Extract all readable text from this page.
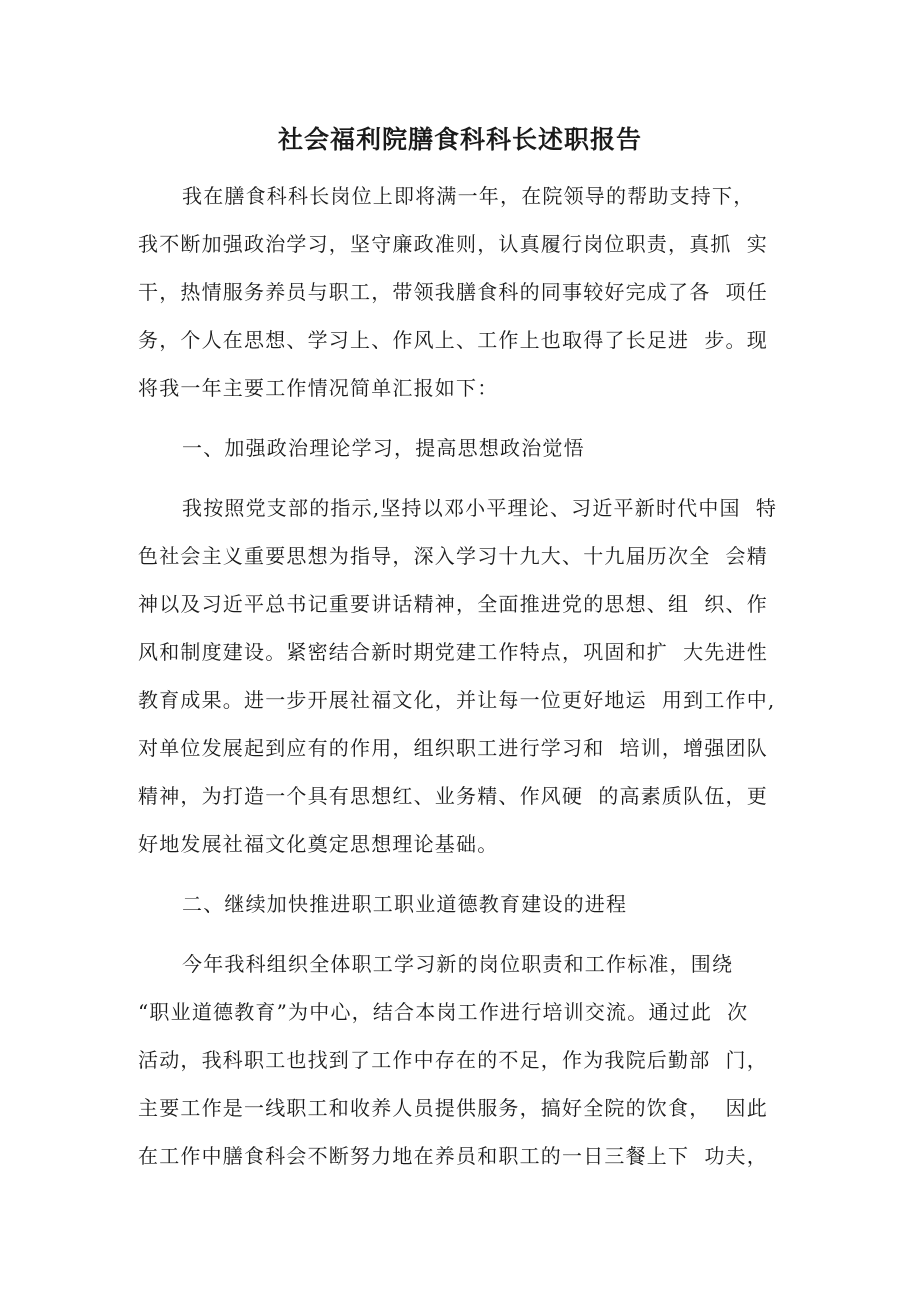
社会福利院膳食科科长述职报告
我在膳食科科长岗位上即将满一年，在院领导的帮助支持下，
我不断加强政治学习，坚守廉政准则，认真履行岗位职责，真抓  实
干，热情服务养员与职工，带领我膳食科的同事较好完成了各  项任
务，个人在思想、学习上、作风上、工作上也取得了长足进  步。现
将我一年主要工作情况简单汇报如下：
一、加强政治理论学习，提高思想政治觉悟
我按照党支部的指示,坚持以邓小平理论、习近平新时代中国  特
色社会主义重要思想为指导，深入学习十九大、十九届历次全  会精
神以及习近平总书记重要讲话精神，全面推进党的思想、组  织、作
风和制度建设。紧密结合新时期党建工作特点，巩固和扩  大先进性
教育成果。进一步开展社福文化，并让每一位更好地运  用到工作中,
对单位发展起到应有的作用，组织职工进行学习和  培训，增强团队
精神，为打造一个具有思想红、业务精、作风硬  的高素质队伍，更
好地发展社福文化奠定思想理论基础。
二、继续加快推进职工职业道德教育建设的进程
今年我科组织全体职工学习新的岗位职责和工作标准，围绕
“职业道德教育”为中心，结合本岗工作进行培训交流。通过此  次
活动，我科职工也找到了工作中存在的不足，作为我院后勤部  门，
主要工作是一线职工和收养人员提供服务，搞好全院的饮食，  因此
在工作中膳食科会不断努力地在养员和职工的一日三餐上下  功夫，
